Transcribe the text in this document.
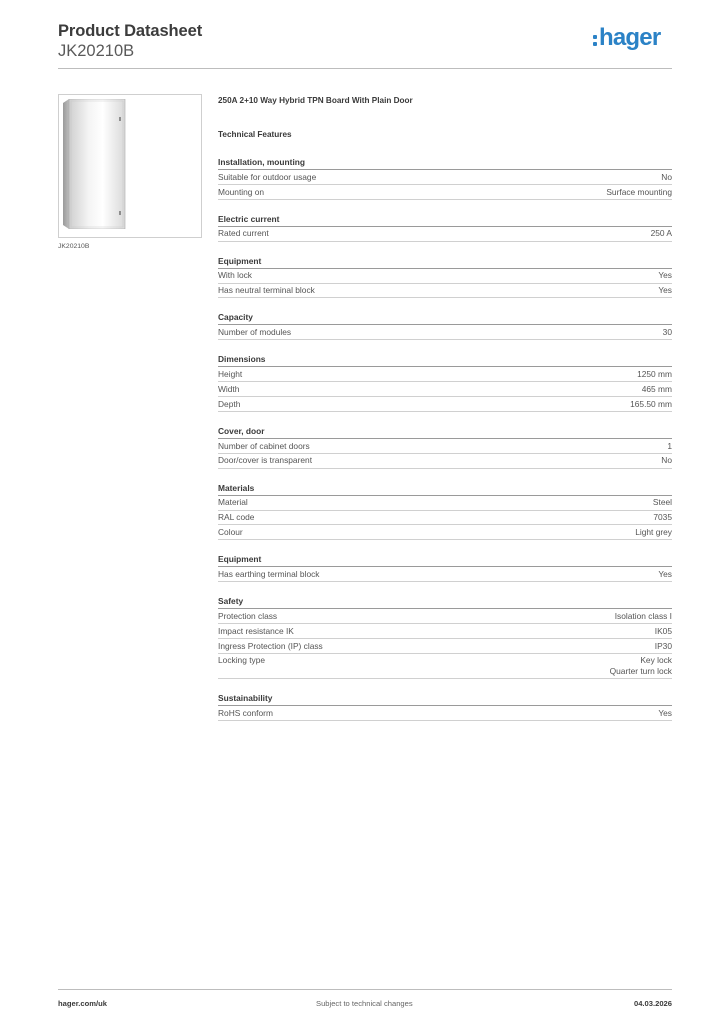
Product Datasheet
JK20210B	hager
JK20210B
250A 2+10 Way Hybrid TPN Board With Plain Door
Technical Features
Installation, mounting
Suitable for outdoor usage	No
Mounting on	Surface mounting
Electric current
Rated current	250 A
Equipment
With lock	Yes
Has neutral terminal block	Yes
Capacity
Number of modules	30
Dimensions
Height	1250 mm
Width	465 mm
Depth	165.50 mm
Cover, door
Number of cabinet doors	1
Door/cover is transparent	No
Materials
Material	Steel
RAL code	7035
Colour	Light grey
Equipment
Has earthing terminal block	Yes
Safety
Protection class	Isolation class I
Impact resistance IK	IK05
Ingress Protection (IP) class	IP30
Locking type	Key lock
Quarter turn lock
Sustainability
RoHS conform	Yes
hager.com/uk	Subject to technical changes	04.03.2026
